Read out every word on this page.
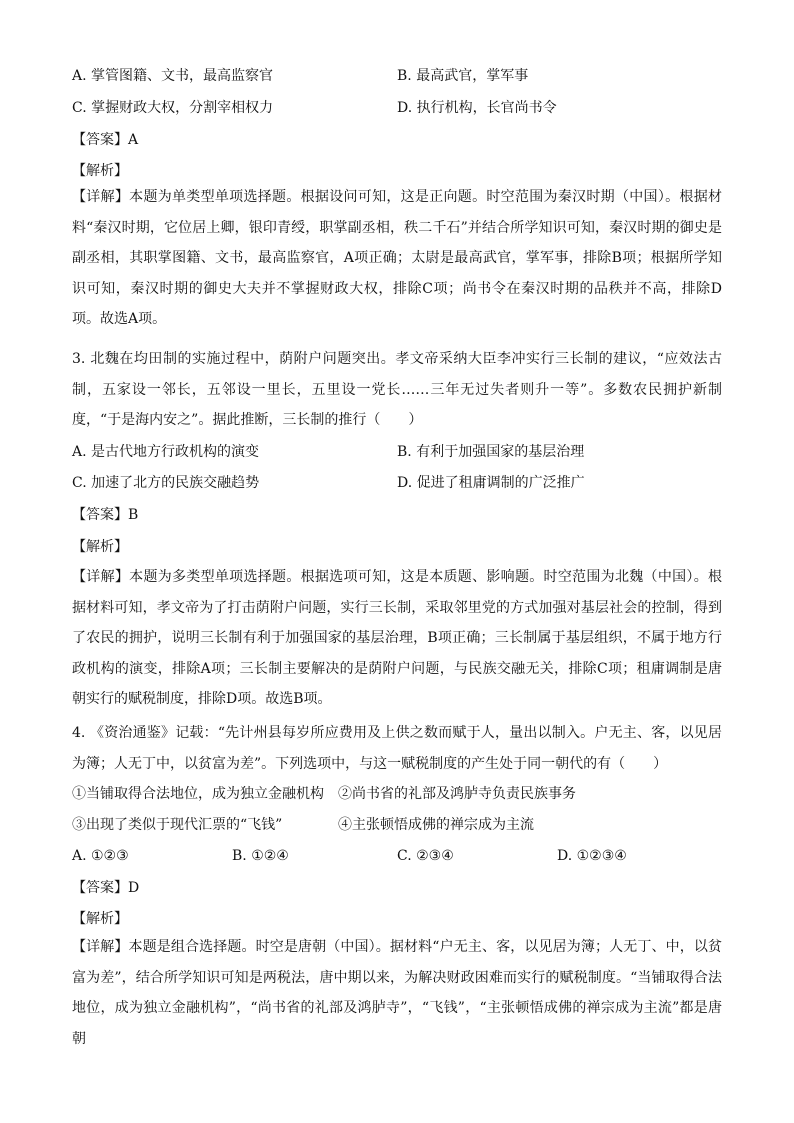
A. 掌管图籍、文书，最高监察官	B. 最高武官，掌军事
C. 掌握财政大权，分割宰相权力	D. 执行机构，长官尚书令
【答案】A
【解析】
【详解】本题为单类型单项选择题。根据设问可知，这是正向题。时空范围为秦汉时期（中国）。根据材料“秦汉时期，它位居上卿，银印青绶，职掌副丞相，秩二千石”并结合所学知识可知，秦汉时期的御史是副丞相，其职掌图籍、文书，最高监察官，A项正确；太尉是最高武官，掌军事，排除B项；根据所学知识可知，秦汉时期的御史大夫并不掌握财政大权，排除C项；尚书令在秦汉时期的品秩并不高，排除D项。故选A项。
3. 北魏在均田制的实施过程中，荫附户问题突出。孝文帝采纳大臣李冲实行三长制的建议，“应效法古制，五家设一邻长，五邻设一里长，五里设一党长……三年无过失者则升一等”。多数农民拥护新制度，“于是海内安之”。据此推断，三长制的推行（　　）
A. 是古代地方行政机构的演变	B. 有利于加强国家的基层治理
C. 加速了北方的民族交融趋势	D. 促进了租庸调制的广泛推广
【答案】B
【解析】
【详解】本题为多类型单项选择题。根据选项可知，这是本质题、影响题。时空范围为北魏（中国）。根据材料可知，孝文帝为了打击荫附户问题，实行三长制，采取邻里党的方式加强对基层社会的控制，得到了农民的拥护，说明三长制有利于加强国家的基层治理，B项正确；三长制属于基层组织，不属于地方行政机构的演变，排除A项；三长制主要解决的是荫附户问题，与民族交融无关，排除C项；租庸调制是唐朝实行的赋税制度，排除D项。故选B项。
4. 《资治通鉴》记载：“先计州县每岁所应费用及上供之数而赋于人，量出以制入。户无主、客，以见居为簿；人无丁中，以贫富为差”。下列选项中，与这一赋税制度的产生处于同一朝代的有（　　）
①当铺取得合法地位，成为独立金融机构 ②尚书省的礼部及鸿胪寺负责民族事务
③出现了类似于现代汇票的“飞钱”	④主张顿悟成佛的禅宗成为主流
A. ①②③	B. ①②④	C. ②③④	D. ①②③④
【答案】D
【解析】
【详解】本题是组合选择题。时空是唐朝（中国）。据材料“户无主、客，以见居为簿；人无丁、中，以贫富为差”，结合所学知识可知是两税法，唐中期以来，为解决财政困难而实行的赋税制度。“当铺取得合法地位，成为独立金融机构”，“尚书省的礼部及鸿胪寺”，“飞钱”，“主张顿悟成佛的禅宗成为主流”都是唐朝
